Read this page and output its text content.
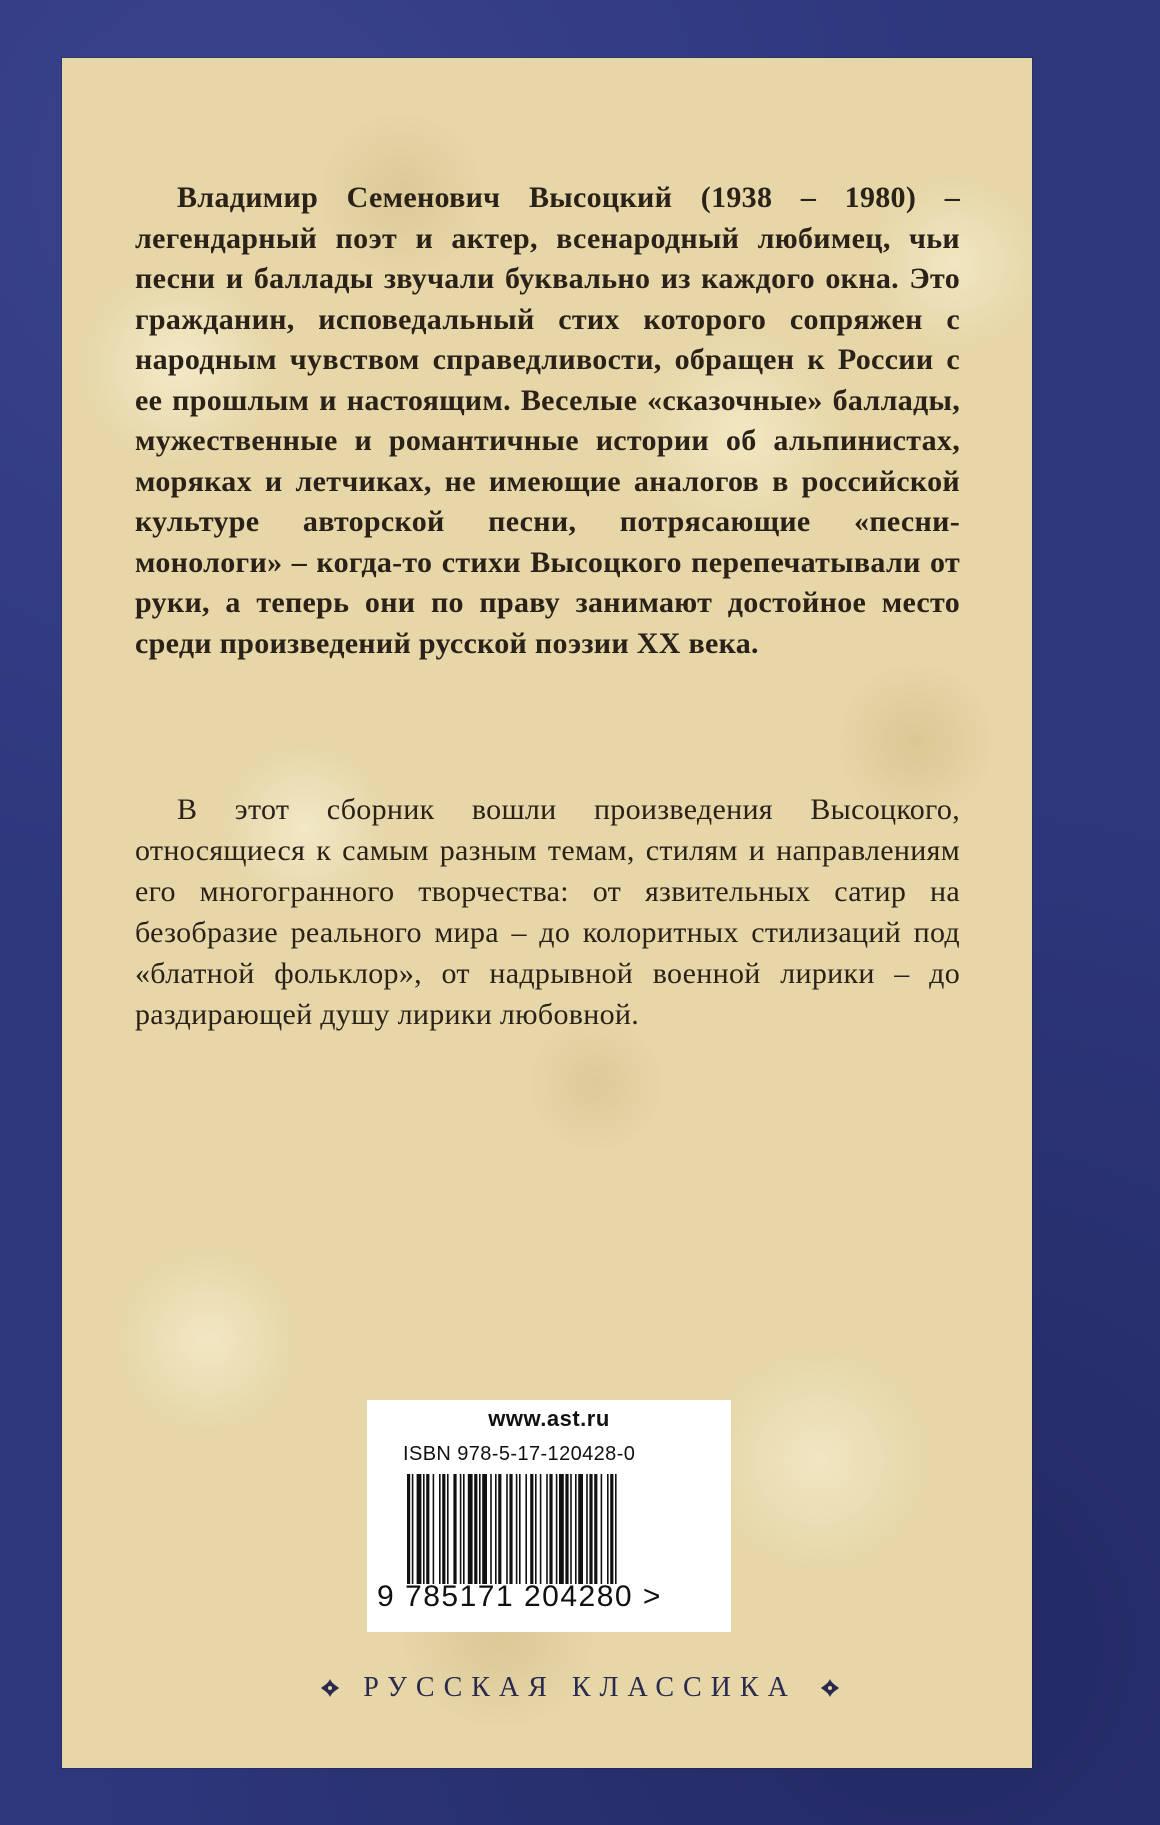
Владимир Семенович Высоцкий (1938 – 1980) – легендарный поэт и актер, всенародный любимец, чьи песни и баллады звучали буквально из каждого окна. Это гражданин, исповедальный стих которого сопряжен с народным чувством справедливости, обращен к России с ее прошлым и настоящим. Веселые «сказочные» баллады, мужественные и романтичные истории об альпинистах, моряках и летчиках, не имеющие аналогов в российской культуре авторской песни, потрясающие «песни-монологи» – когда-то стихи Высоцкого перепечатывали от руки, а теперь они по праву занимают достойное место среди произведений русской поэзии XX века.

В этот сборник вошли произведения Высоцкого, относящиеся к самым разным темам, стилям и направлениям его многогранного творчества: от язвительных сатир на безобразие реального мира – до колоритных стилизаций под «блатной фольклор», от надрывной военной лирики – до раздирающей душу лирики любовной.

www.ast.ru
ISBN 978-5-17-120428-0
9 785171 204280 >
РУССКАЯ КЛАССИКА
